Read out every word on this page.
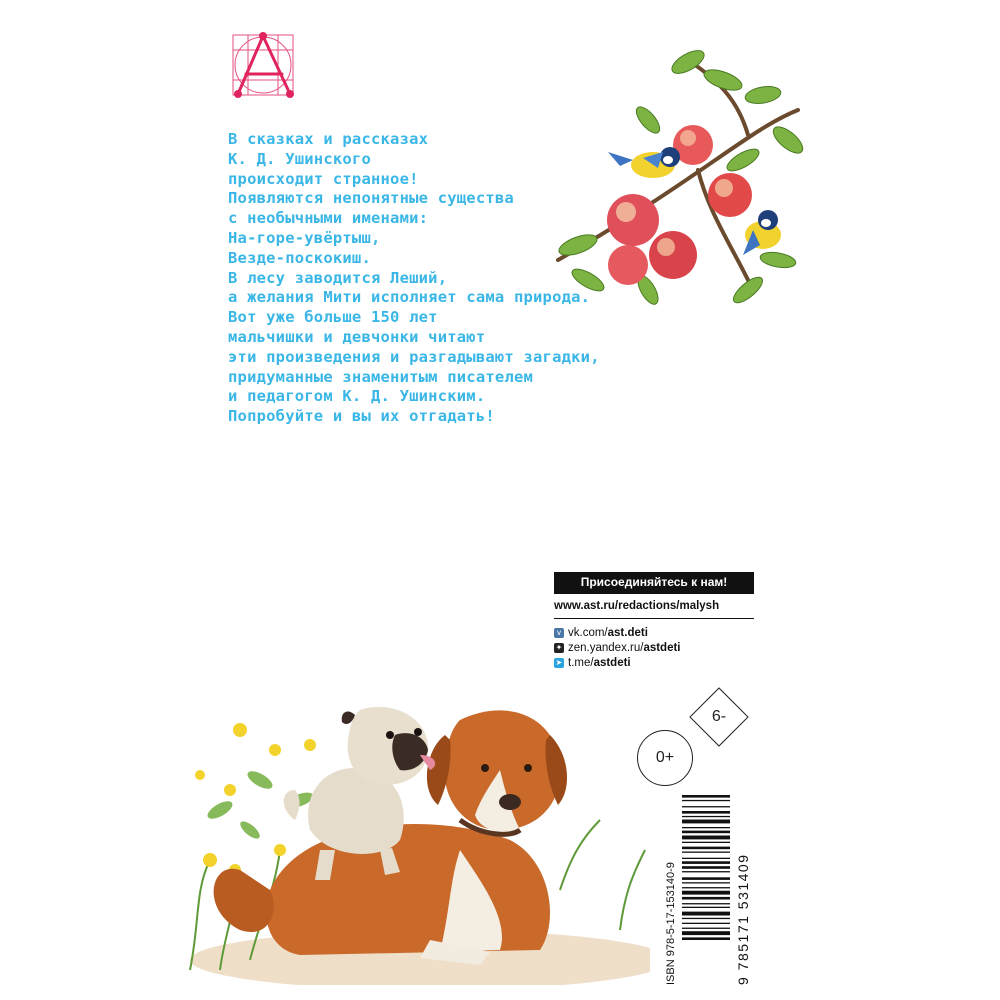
В сказках и рассказах
К. Д. Ушинского
происходит странное!
Появляются непонятные существа
с необычными именами:
На-горе-увёртыш,
Везде-поскокиш.
В лесу заводится Леший,
а желания Мити исполняет сама природа.
Вот уже больше 150 лет
мальчишки и девчонки читают
эти произведения и разгадывают загадки,
придуманные знаменитым писателем
и педагогом К. Д. Ушинским.
Попробуйте и вы их отгадать!
Присоединяйтесь к нам!
www.ast.ru/redactions/malysh
v vk.com/ ast.deti
✦ zen.yandex.ru/ astdeti
➤ t.me/ astdeti
6-
0+
ISBN 978-5-17-153140-9	9 785171 531409
